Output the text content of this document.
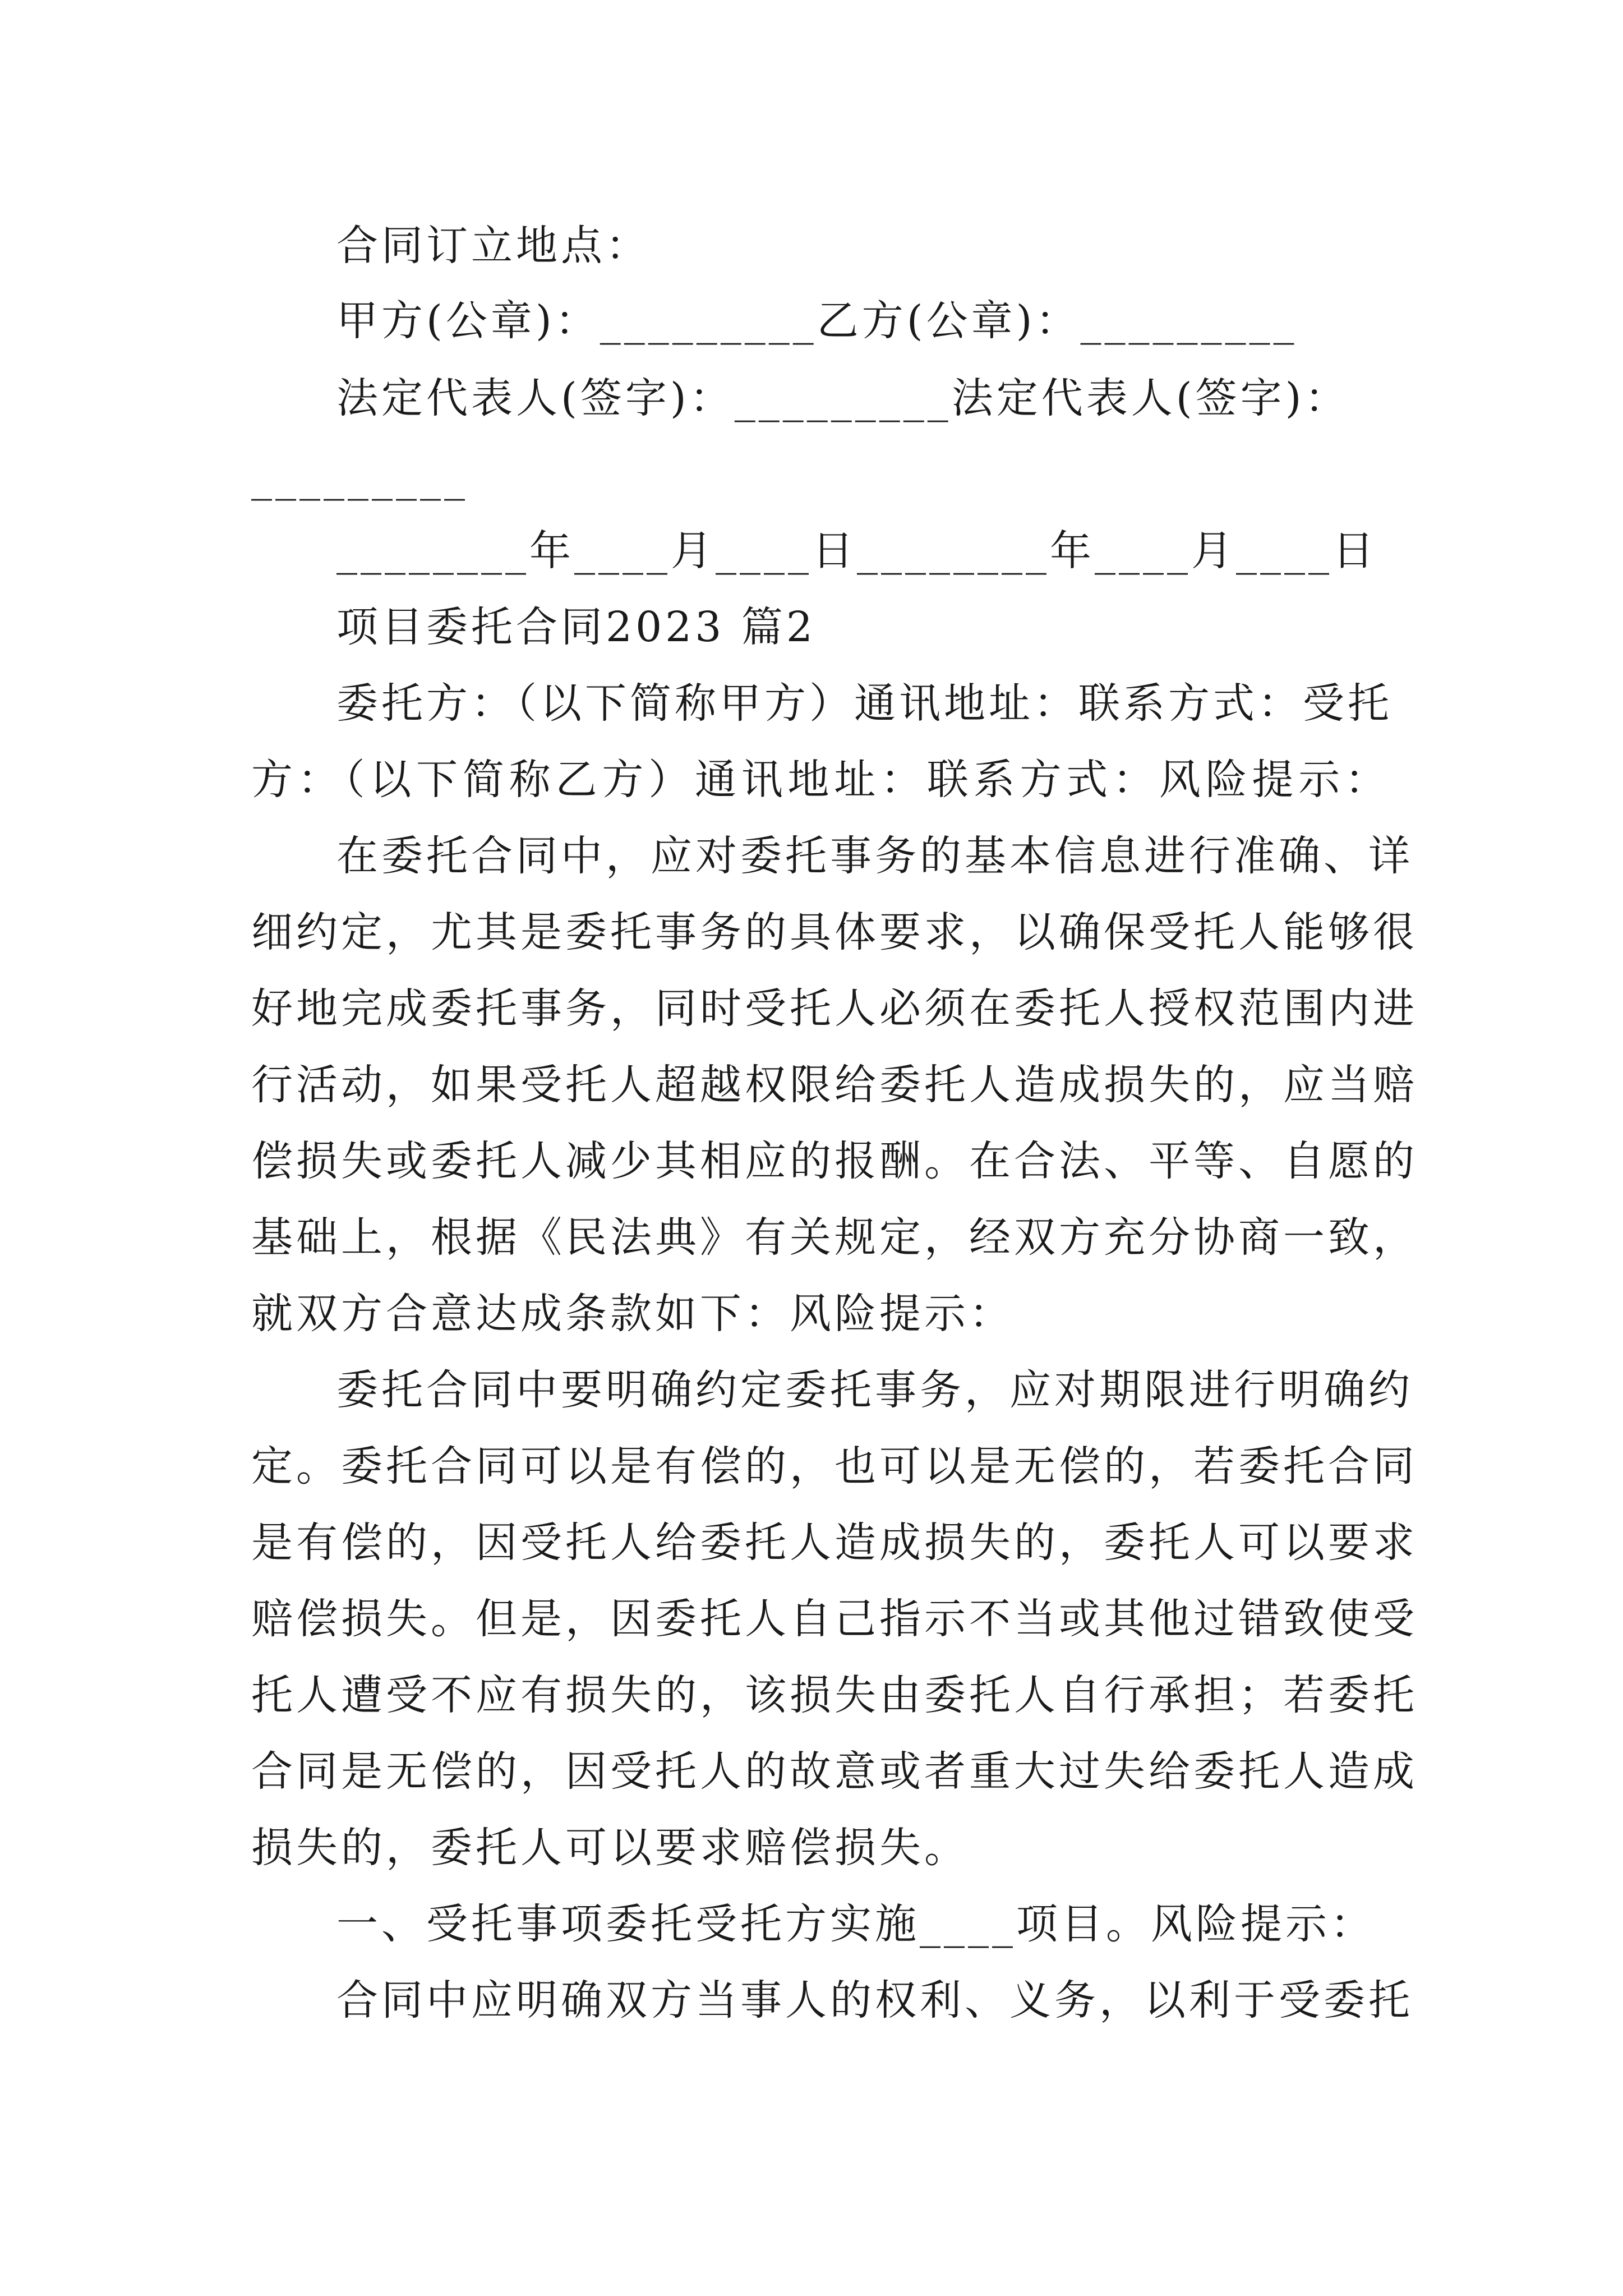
合同订立地点：
甲方(公章)：_________乙方(公章)：_________
法定代表人(签字)：_________法定代表人(签字)：
_________
________年____月____日________年____月____日
项目委托合同2023 篇2
委托方：（以下简称甲方）通讯地址：联系方式：受托
方：（以下简称乙方）通讯地址：联系方式：风险提示：
在委托合同中，应对委托事务的基本信息进行准确、详
细约定，尤其是委托事务的具体要求，以确保受托人能够很
好地完成委托事务，同时受托人必须在委托人授权范围内进
行活动，如果受托人超越权限给委托人造成损失的，应当赔
偿损失或委托人减少其相应的报酬。在合法、平等、自愿的
基础上，根据《民法典》有关规定，经双方充分协商一致，
就双方合意达成条款如下：风险提示：
委托合同中要明确约定委托事务，应对期限进行明确约
定。委托合同可以是有偿的，也可以是无偿的，若委托合同
是有偿的，因受托人给委托人造成损失的，委托人可以要求
赔偿损失。但是，因委托人自己指示不当或其他过错致使受
托人遭受不应有损失的，该损失由委托人自行承担；若委托
合同是无偿的，因受托人的故意或者重大过失给委托人造成
损失的，委托人可以要求赔偿损失。
一、受托事项委托受托方实施____项目。风险提示：
合同中应明确双方当事人的权利、义务，以利于受委托
